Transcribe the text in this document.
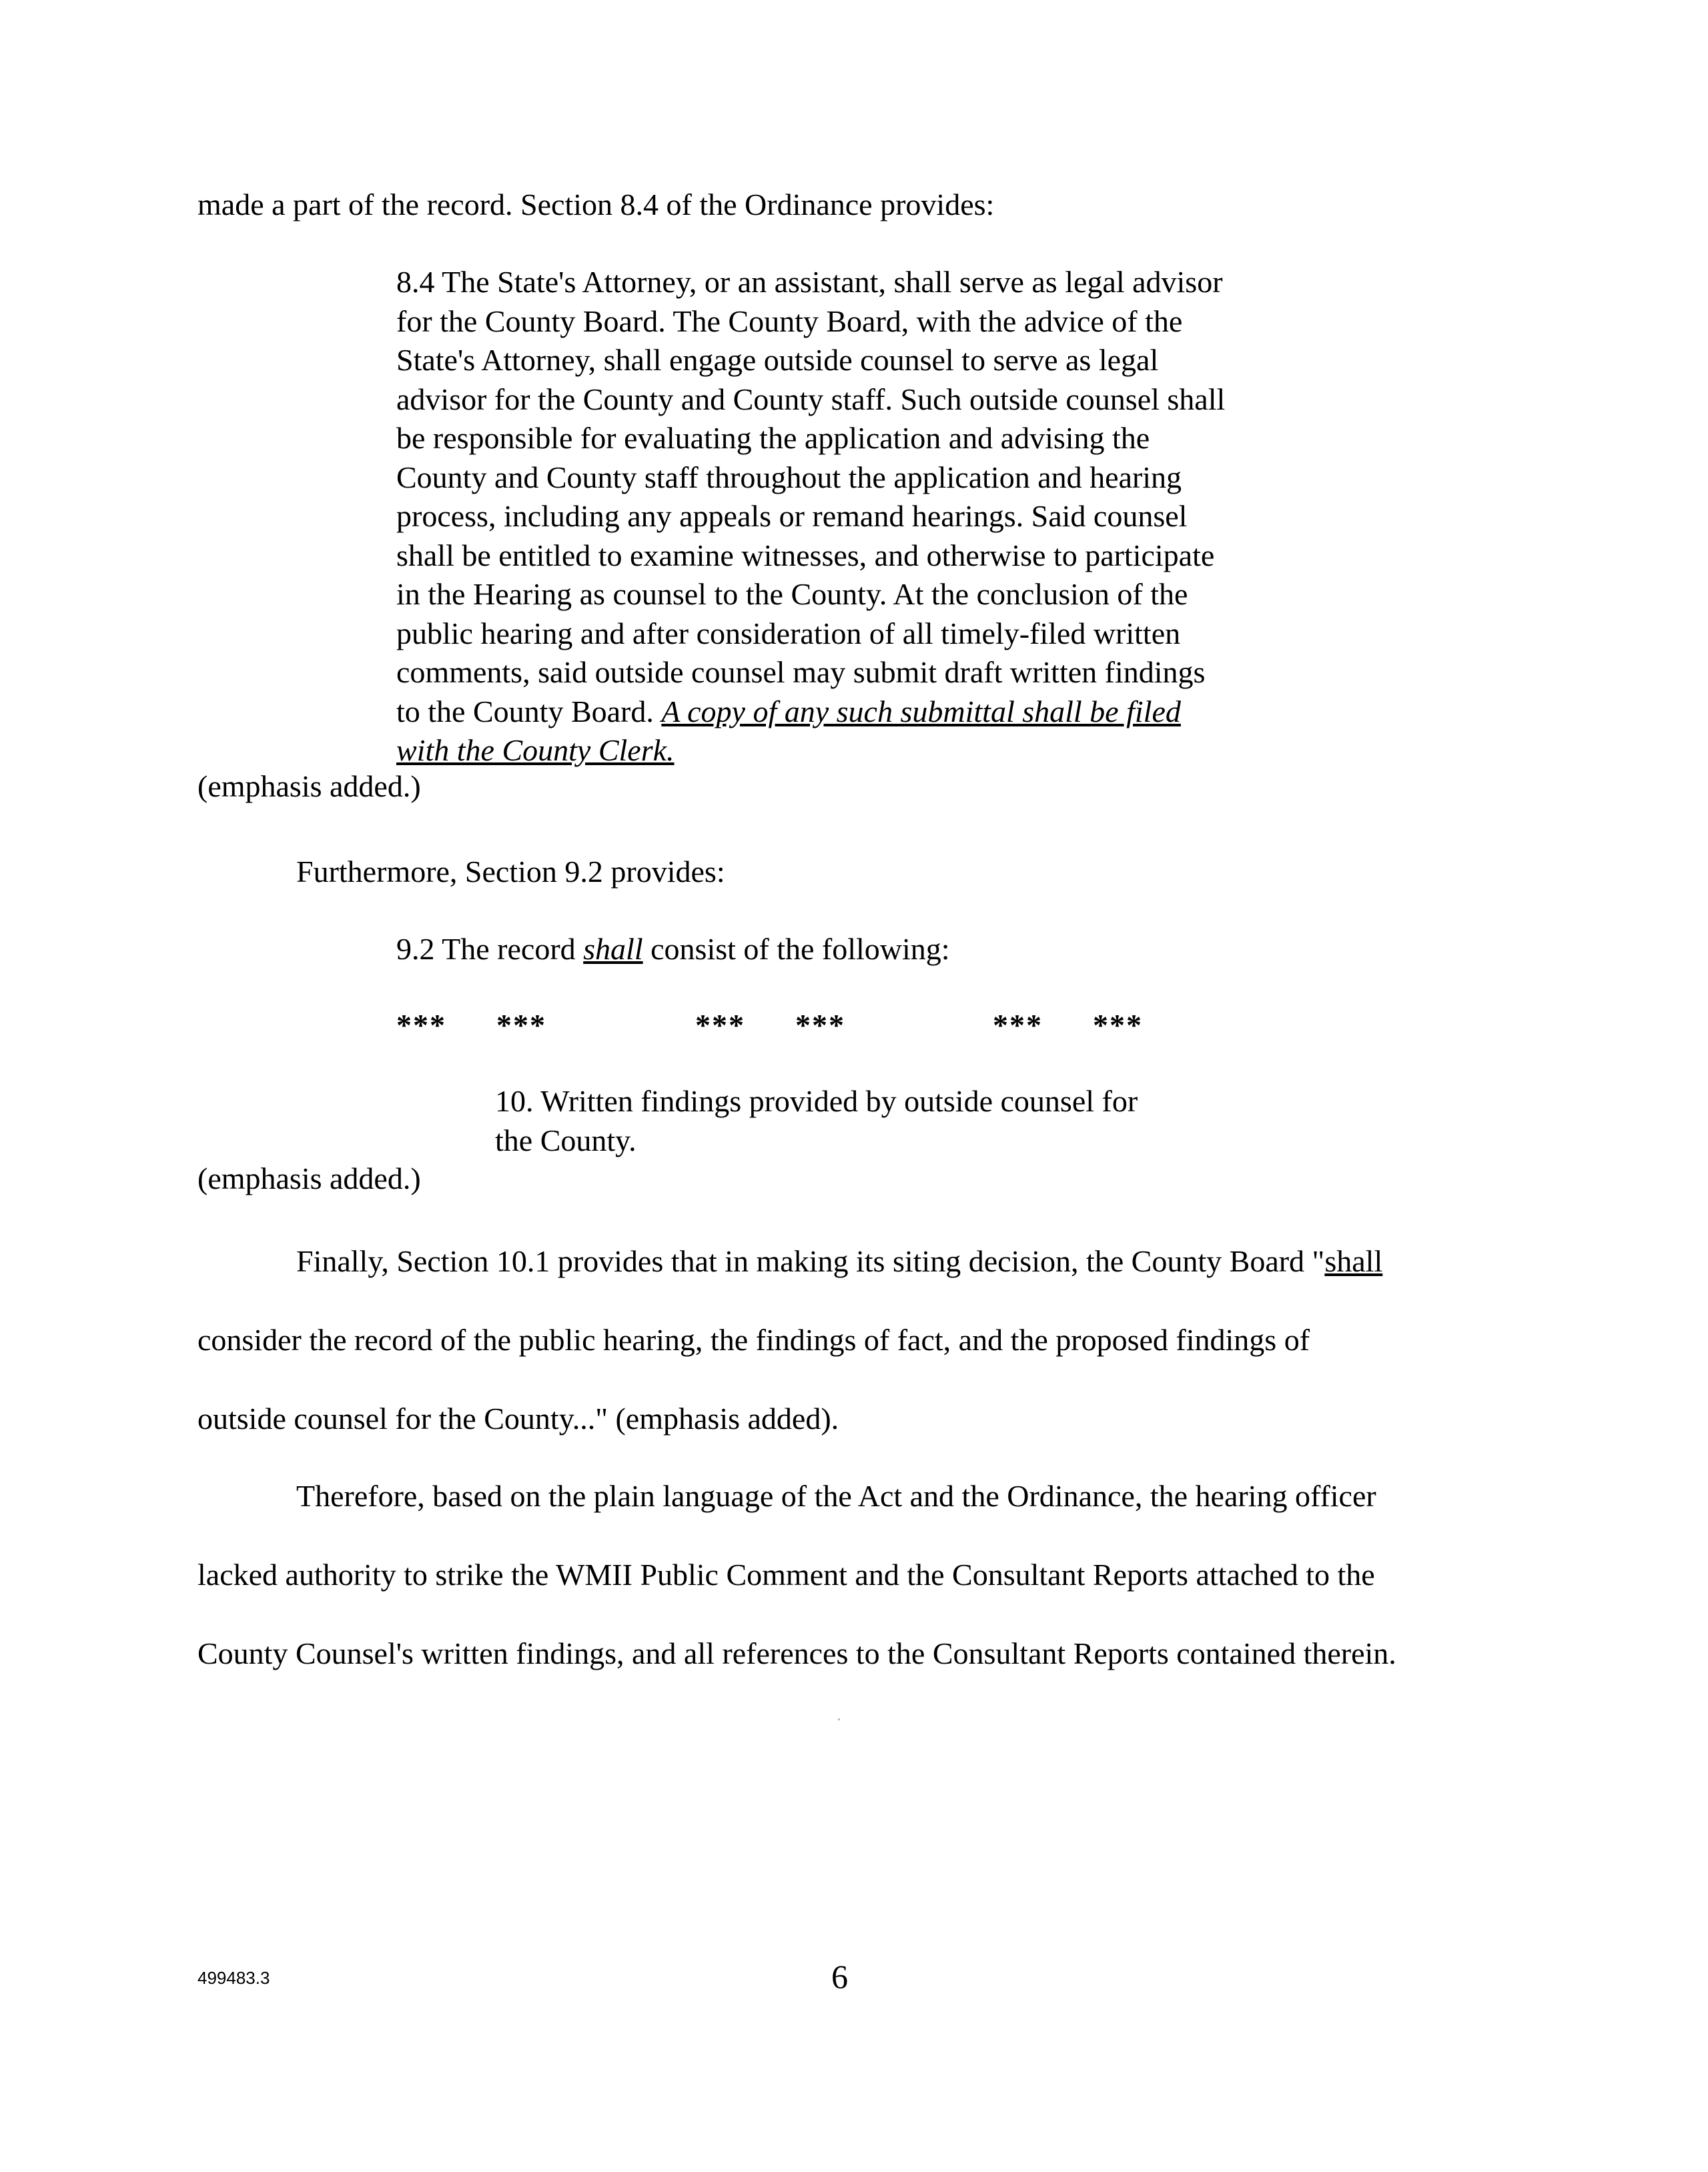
made a part of the record. Section 8.4 of the Ordinance provides:
8.4 The State's Attorney, or an assistant, shall serve as legal advisor
for the County Board. The County Board, with the advice of the
State's Attorney, shall engage outside counsel to serve as legal
advisor for the County and County staff. Such outside counsel shall
be responsible for evaluating the application and advising the
County and County staff throughout the application and hearing
process, including any appeals or remand hearings. Said counsel
shall be entitled to examine witnesses, and otherwise to participate
in the Hearing as counsel to the County. At the conclusion of the
public hearing and after consideration of all timely-filed written
comments, said outside counsel may submit draft written findings
to the County Board. A copy of any such submittal shall be filed
with the County Clerk.
(emphasis added.)
Furthermore, Section 9.2 provides:
9.2 The record shall consist of the following:
*** ***	*** ***	*** ***
10. Written findings provided by outside counsel for
the County.
(emphasis added.)
Finally, Section 10.1 provides that in making its siting decision, the County Board "shall
consider the record of the public hearing, the findings of fact, and the proposed findings of
outside counsel for the County..." (emphasis added).
Therefore, based on the plain language of the Act and the Ordinance, the hearing officer
lacked authority to strike the WMII Public Comment and the Consultant Reports attached to the
County Counsel's written findings, and all references to the Consultant Reports contained therein.
499483.3	6
